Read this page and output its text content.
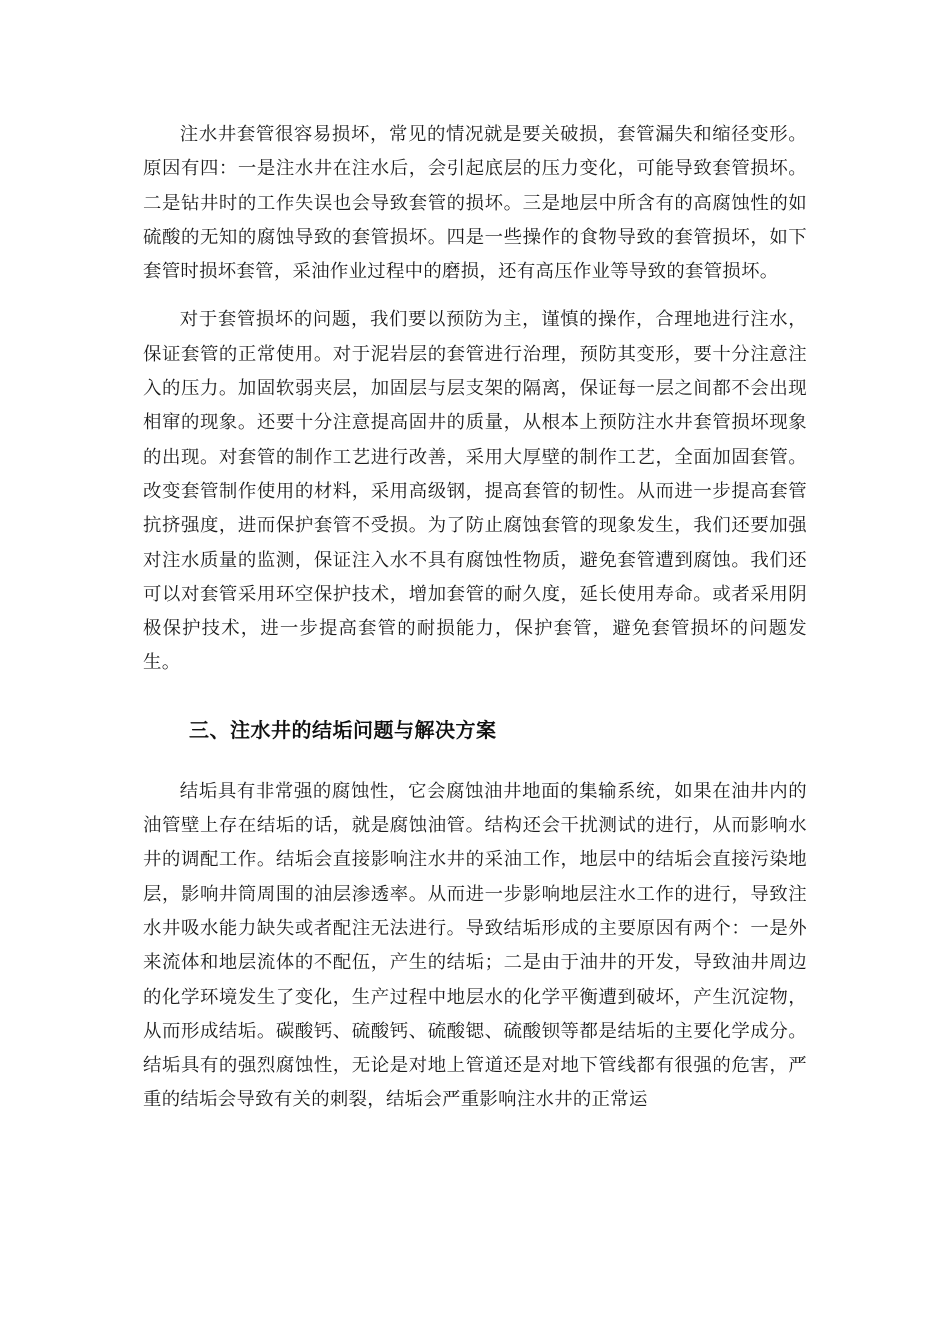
注水井套管很容易损坏，常见的情况就是要关破损，套管漏失和缩径变形。原因有四：一是注水井在注水后，会引起底层的压力变化，可能导致套管损坏。二是钻井时的工作失误也会导致套管的损坏。三是地层中所含有的高腐蚀性的如硫酸的无知的腐蚀导致的套管损坏。四是一些操作的食物导致的套管损坏，如下套管时损坏套管，采油作业过程中的磨损，还有高压作业等导致的套管损坏。

对于套管损坏的问题，我们要以预防为主，谨慎的操作，合理地进行注水，保证套管的正常使用。对于泥岩层的套管进行治理，预防其变形，要十分注意注入的压力。加固软弱夹层，加固层与层支架的隔离，保证每一层之间都不会出现相窜的现象。还要十分注意提高固井的质量，从根本上预防注水井套管损坏现象的出现。对套管的制作工艺进行改善，采用大厚壁的制作工艺，全面加固套管。改变套管制作使用的材料，采用高级钢，提高套管的韧性。从而进一步提高套管抗挤强度，进而保护套管不受损。为了防止腐蚀套管的现象发生，我们还要加强对注水质量的监测，保证注入水不具有腐蚀性物质，避免套管遭到腐蚀。我们还可以对套管采用环空保护技术，增加套管的耐久度，延长使用寿命。或者采用阴极保护技术，进一步提高套管的耐损能力，保护套管，避免套管损坏的问题发生。

三、注水井的结垢问题与解决方案

结垢具有非常强的腐蚀性，它会腐蚀油井地面的集输系统，如果在油井内的油管壁上存在结垢的话，就是腐蚀油管。结构还会干扰测试的进行，从而影响水井的调配工作。结垢会直接影响注水井的采油工作，地层中的结垢会直接污染地层，影响井筒周围的油层渗透率。从而进一步影响地层注水工作的进行，导致注水井吸水能力缺失或者配注无法进行。导致结垢形成的主要原因有两个：一是外来流体和地层流体的不配伍，产生的结垢；二是由于油井的开发，导致油井周边的化学环境发生了变化，生产过程中地层水的化学平衡遭到破坏，产生沉淀物，从而形成结垢。碳酸钙、硫酸钙、硫酸锶、硫酸钡等都是结垢的主要化学成分。结垢具有的强烈腐蚀性，无论是对地上管道还是对地下管线都有很强的危害，严重的结垢会导致有关的刺裂，结垢会严重影响注水井的正常运
